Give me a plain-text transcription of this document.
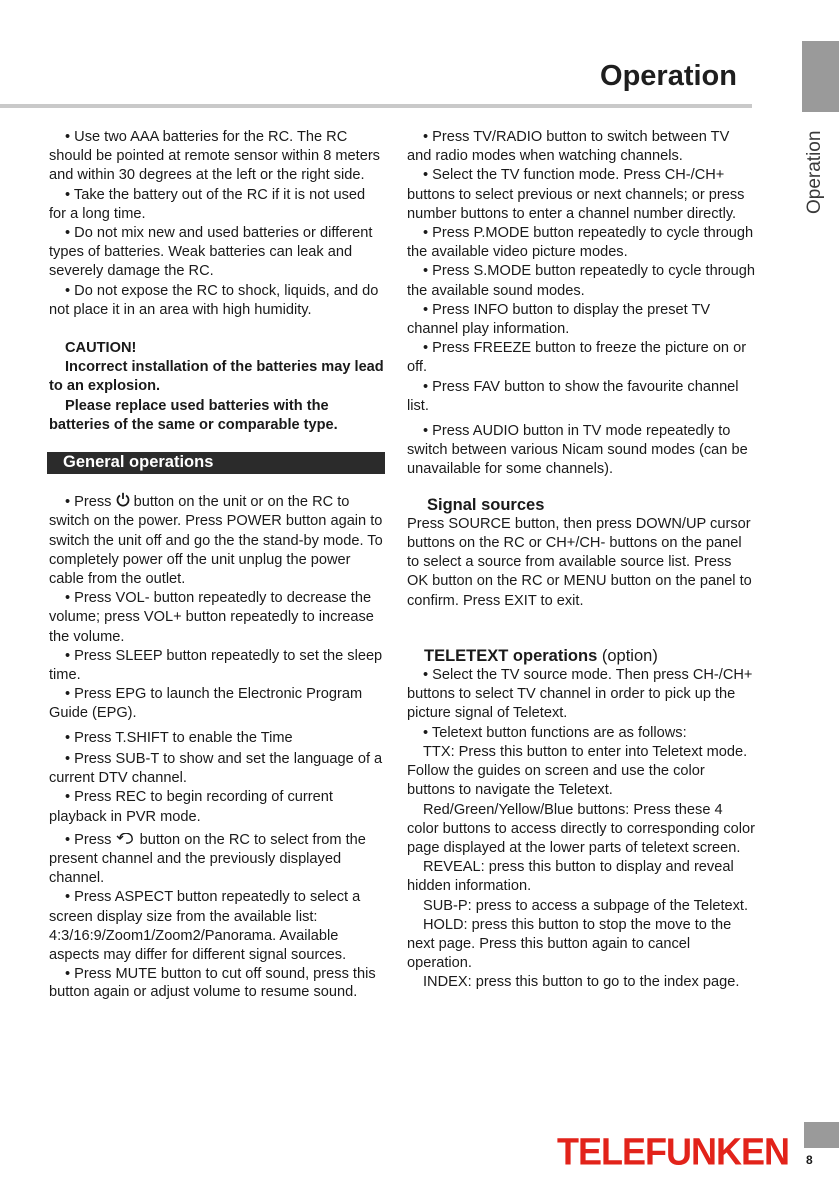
Operation
Operation

• Use two AAA batteries for the RC. The RC should be pointed at remote sensor within 8 meters and within 30 degrees at the left or the right side.

• Take the battery out of the RC if it is not used for a long time.

• Do not mix new and used batteries or different types of batteries. Weak batteries can leak and severely damage the RC.

• Do not expose the RC to shock, liquids, and do not place it in an area with high humidity.

CAUTION!

Incorrect installation of the batteries may lead to an explosion.

Please replace used batteries with the batteries of the same or comparable type.

General operations

• Press  button on the unit or on the RC to switch on the power. Press POWER button again to switch the unit off and go the the stand-by mode. To completely power off the unit unplug the power cable from the outlet.

• Press VOL- button repeatedly to decrease the volume; press VOL+ button repeatedly to increase the volume.

• Press SLEEP button repeatedly to set the sleep time.

• Press EPG to launch the Electronic Program Guide (EPG).

• Press T.SHIFT to enable the Time

• Press SUB-T to show and set the language of a current DTV channel.

• Press REC to begin recording of current playback in PVR mode.

• Press  button on the RC to select from the present channel and the previously displayed channel.

• Press ASPECT button repeatedly to select a screen display size from the available list: 4:3/16:9/Zoom1/Zoom2/Panorama. Available aspects may differ for different signal sources.

• Press MUTE button to cut off sound, press this button again or adjust volume to resume sound.

• Press TV/RADIO button to switch between TV and radio modes when watching channels.

• Select the TV function mode. Press CH-/CH+ buttons to select previous or next channels; or press number buttons to enter a channel number directly.

• Press P.MODE button repeatedly to cycle through the available video picture modes.

• Press S.MODE button repeatedly to cycle through the available sound modes.

• Press INFO button to display the preset TV channel play information.

• Press FREEZE button to freeze the picture on or off.

• Press FAV button to show the favourite channel list.

• Press AUDIO button in TV mode repeatedly to switch between various Nicam sound modes (can be unavailable for some channels).

Signal sources

Press SOURCE button, then press DOWN/UP cursor buttons on the RC or CH+/CH- buttons on the panel to select a source from available source list. Press OK button on the RC or MENU button on the panel to confirm. Press EXIT to exit.

TELETEXT operations (option)

• Select the TV source mode. Then press CH-/CH+ buttons to select TV channel in order to pick up the picture signal of Teletext.

• Teletext button functions are as follows:

TTX: Press this button to enter into Teletext mode. Follow the guides on screen and use the color buttons to navigate the Teletext.

Red/Green/Yellow/Blue buttons: Press these 4 color buttons to access directly to corresponding color page displayed at the lower parts of teletext screen.

REVEAL: press this button to display and reveal hidden information.

SUB-P: press to access a subpage of the Teletext.

HOLD: press this button to stop the move to the next page. Press this button again to cancel operation.

INDEX: press this button to go to the index page.

TELEFUNKEN 8
